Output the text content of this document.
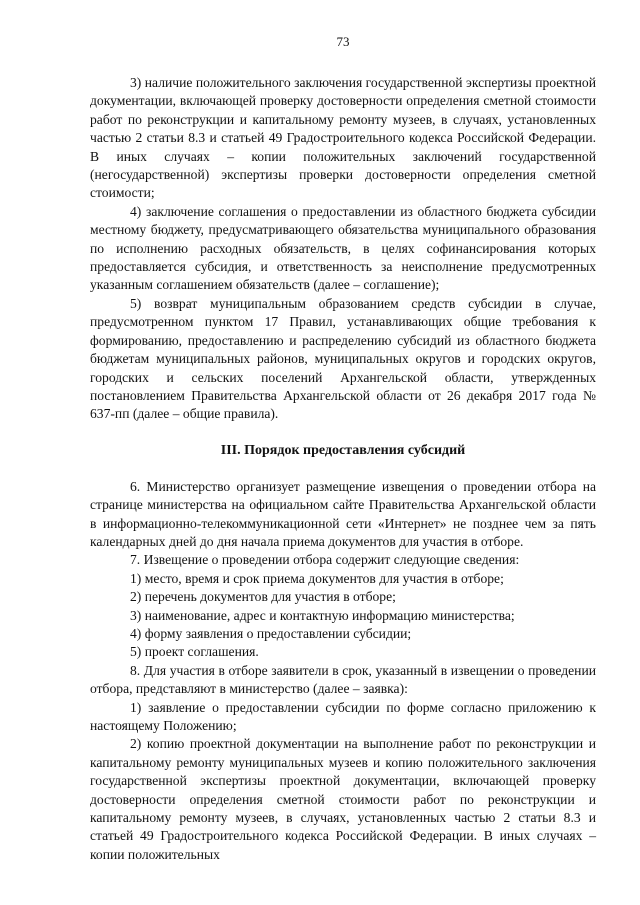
73

3) наличие положительного заключения государственной экспертизы проектной документации, включающей проверку достоверности определения сметной стоимости работ по реконструкции и капитальному ремонту музеев, в случаях, установленных частью 2 статьи 8.3 и статьей 49 Градостроительного кодекса Российской Федерации. В иных случаях – копии положительных заключений государственной (негосударственной) экспертизы проверки достоверности определения сметной стоимости;

4) заключение соглашения о предоставлении из областного бюджета субсидии местному бюджету, предусматривающего обязательства муниципального образования по исполнению расходных обязательств, в целях софинансирования которых предоставляется субсидия, и ответственность за неисполнение предусмотренных указанным соглашением обязательств (далее – соглашение);

5) возврат муниципальным образованием средств субсидии в случае, предусмотренном пунктом 17 Правил, устанавливающих общие требования к формированию, предоставлению и распределению субсидий из областного бюджета бюджетам муниципальных районов, муниципальных округов и городских округов, городских и сельских поселений Архангельской области, утвержденных постановлением Правительства Архангельской области от 26 декабря 2017 года № 637-пп (далее – общие правила).

III. Порядок предоставления субсидий

6. Министерство организует размещение извещения о проведении отбора на странице министерства на официальном сайте Правительства Архангельской области в информационно-телекоммуникационной сети «Интернет» не позднее чем за пять календарных дней до дня начала приема документов для участия в отборе.

7. Извещение о проведении отбора содержит следующие сведения:

1) место, время и срок приема документов для участия в отборе;

2) перечень документов для участия в отборе;

3) наименование, адрес и контактную информацию министерства;

4) форму заявления о предоставлении субсидии;

5) проект соглашения.

8. Для участия в отборе заявители в срок, указанный в извещении о проведении отбора, представляют в министерство (далее – заявка):

1) заявление о предоставлении субсидии по форме согласно приложению к настоящему Положению;

2) копию проектной документации на выполнение работ по реконструкции и капитальному ремонту муниципальных музеев и копию положительного заключения государственной экспертизы проектной документации, включающей проверку достоверности определения сметной стоимости работ по реконструкции и капитальному ремонту музеев, в случаях, установленных частью 2 статьи 8.3 и статьей 49 Градостроительного кодекса Российской Федерации. В иных случаях – копии положительных
